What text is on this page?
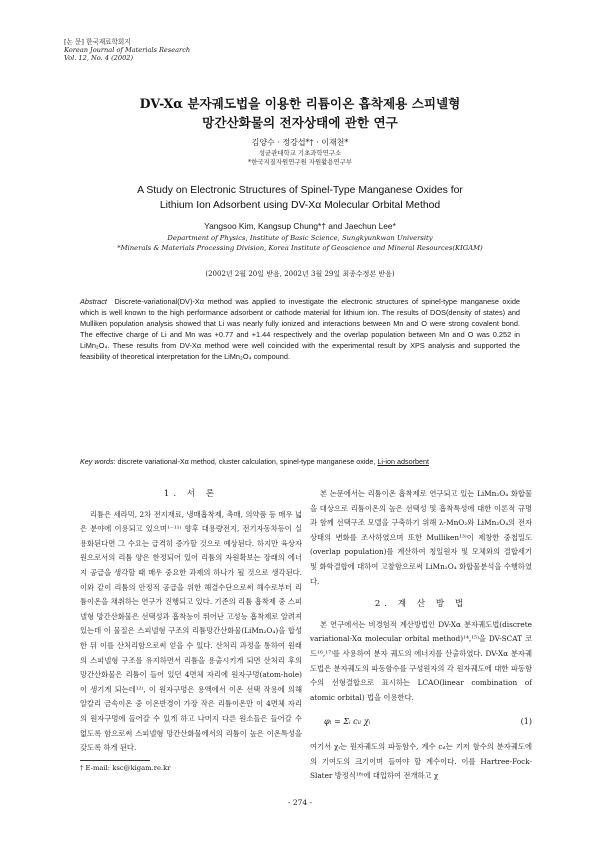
[논 문] 한국재료학회지
Korean Journal of Materials Research
Vol. 12, No. 4 (2002)
DV-Xα 분자궤도법을 이용한 리튬이온 흡착제용 스피넬형
망간산화물의 전자상태에 관한 연구
김양수 · 정강섭*† · 이재천*
성균관대학교 기초과학연구소
*한국지질자원연구원 자원활용연구부
A Study on Electronic Structures of Spinel-Type Manganese Oxides for
Lithium Ion Adsorbent using DV-Xα Molecular Orbital Method
Yangsoo Kim, Kangsup Chung*† and Jaechun Lee*
Department of Physics, Institute of Basic Science, Sungkyunkwan University
*Minerals & Materials Processing Division, Korea Institute of Geoscience and Mineral Resources(KIGAM)
(2002년 2월 20일 받음, 2002년 3월 29일 최종수정본 받음)
Abstract Discrete-variational(DV)-Xα method was applied to investigate the electronic structures of spinel-type manganese oxide which is well known to the high performance adsorbent or cathode material for lithium ion. The results of DOS(density of states) and Mulliken population analysis showed that Li was nearly fully ionized and interactions between Mn and O were strong covalent bond. The effective charge of Li and Mn was +0.77 and +1.44 respectively and the overlap population between Mn and O was 0.252 in LiMn₂O₄. These results from DV-Xα method were well coincided with the experimental result by XPS analysis and supported the feasibility of theoretical interpretation for the LiMn₂O₄ compound.
Key words: discrete variational-Xα method, cluster calculation, spinel-type manganese oxide, Li-ion adsorbent
1. 서 론

리튬은 세라믹, 2차 전지재료, 냉매흡착제, 촉매, 의약품 등 매우 넓은 분야에 이용되고 있으며¹⁻¹¹⁾ 향후 대용량전지, 전기자동차등이 실용화된다면 그 수요는 급격히 증가할 것으로 예상된다. 하지만 육상자원으로서의 리튬 양은 한정되어 있어 리튬의 자원확보는 장래의 에너지 공급을 생각할 때 매우 중요한 과제의 하나가 될 것으로 생각된다. 이와 같이 리튬의 안정적 공급을 위한 해결수단으로써 해수로부터 리튬이온을 채취하는 연구가 진행되고 있다. 기존의 리튬 흡착제 중 스피넬형 망간산화물은 선택성과 흡착능이 뛰어난 고성능 흡착제로 알려져 있는데 이 물질은 스피넬형 구조의 리튬망간산화물(LiMn₂O₄)을 합성한 뒤 이를 산처리함으로써 얻을 수 있다. 산처리 과정을 통하여 원래의 스피넬형 구조를 유지하면서 리튬을 용출시키게 되면 산처리 후의 망간산화물은 리튬이 들어 있던 4면체 자리에 원자구멍(atom-hole)이 생기게 되는데¹²⁾, 이 원자구멍은 용액에서 이온 선택 작용에 의해 알칼리 금속이온 중 이온반경이 가장 작은 리튬이온만 이 4면체 자리의 원자구멍에 들어갈 수 있게 하고 나머지 다른 원소들은 들어갈 수 없도록 함으로써 스피넬형 망간산화물에서의 리튬이 높은 이온특성을 갖도록 하게 된다.

본 논문에서는 리튬이온 흡착제로 연구되고 있는 LiMn₂O₄ 화합물을 대상으로 리튬이온의 높은 선택성 및 흡착특성에 대한 이론적 규명과 함께 선택구조 모델을 구축하기 위해 λ-MnO₂와 LiMn₂O₄의 전자상태의 변화를 조사하였으며 또한 Mulliken¹³⁾이 제창한 중첩밀도(overlap population)를 계산하여 칭일원자 및 모체와의 결합세기 및 화학결합에 대하여 고찰함으로써 LiMn₂O₄ 화합물분석을 수행하였다.

2. 계 산 방 법

본 연구에서는 비경험적 계산방법인 DV-Xα 분자궤도법(discrete variational-Xα molecular orbital method)¹⁴,¹⁵⁾을 DV-SCAT 코드¹⁶,¹⁷⁾를 사용하여 분자 궤도의 에너지를 산출하였다. DV-Xα 분자궤도법은 분자궤도의 파동함수를 구성원자의 각 원자궤도에 대한 파동함수의 선형결합으로 표시하는 LCAO(linear combination of atomic orbital) 법을 이용한다.

φₗ = Σᵢ cᵢₗ χᵢ	(1)

여기서 χᵢ는 원자궤도의 파동함수, 계수 cᵢₗ는 기저 함수의 분자궤도에의 기여도의 크기이며 들여야 할 계수이다. 이를 Hartree-Fock-Slater 방정식¹⁸⁾에 대입하여 전개하고 χ

† E-mail: ksc@kigam.re.kr
- 274 -
